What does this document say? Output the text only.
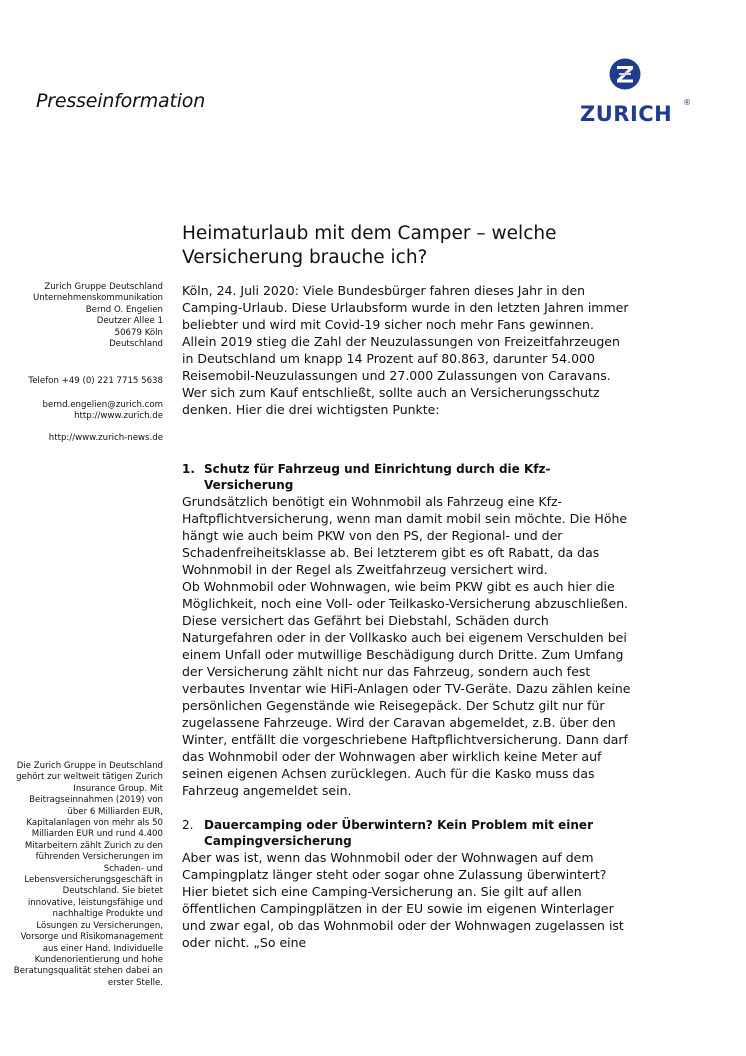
Presseinformation
ZURICH ®
Zurich Gruppe Deutschland
Unternehmenskommunikation
Bernd O. Engelien
Deutzer Allee 1
50679 Köln
Deutschland
Telefon +49 (0) 221 7715 5638
bernd.engelien@zurich.com
http://www.zurich.de
http://www.zurich-news.de
Die Zurich Gruppe in Deutschland gehört zur weltweit tätigen Zurich Insurance Group. Mit Beitragseinnahmen (2019) von über 6 Milliarden EUR, Kapitalanlagen von mehr als 50 Milliarden EUR und rund 4.400 Mitarbeitern zählt Zurich zu den führenden Versicherungen im Schaden- und Lebensversicherungsgeschäft in Deutschland. Sie bietet innovative, leistungsfähige und nachhaltige Produkte und Lösungen zu Versicherungen, Vorsorge und Risikomanagement aus einer Hand. Individuelle Kundenorientierung und hohe Beratungsqualität stehen dabei an erster Stelle.
Heimaturlaub mit dem Camper – welche Versicherung brauche ich?

Köln, 24. Juli 2020: Viele Bundesbürger fahren dieses Jahr in den Camping-Urlaub. Diese Urlaubsform wurde in den letzten Jahren immer beliebter und wird mit Covid-19 sicher noch mehr Fans gewinnen. Allein 2019 stieg die Zahl der Neuzulassungen von Freizeitfahrzeugen in Deutschland um knapp 14 Prozent auf 80.863, darunter 54.000 Reisemobil-Neuzulassungen und 27.000 Zulassungen von Caravans. Wer sich zum Kauf entschließt, sollte auch an Versicherungsschutz denken. Hier die drei wichtigsten Punkte:

1. Schutz für Fahrzeug und Einrichtung durch die Kfz-
Versicherung

Grundsätzlich benötigt ein Wohnmobil als Fahrzeug eine Kfz-Haftpflichtversicherung, wenn man damit mobil sein möchte. Die Höhe hängt wie auch beim PKW von den PS, der Regional- und der Schadenfreiheitsklasse ab. Bei letzterem gibt es oft Rabatt, da das Wohnmobil in der Regel als Zweitfahrzeug versichert wird.

Ob Wohnmobil oder Wohnwagen, wie beim PKW gibt es auch hier die Möglichkeit, noch eine Voll- oder Teilkasko-Versicherung abzuschließen. Diese versichert das Gefährt bei Diebstahl, Schäden durch Naturgefahren oder in der Vollkasko auch bei eigenem Verschulden bei einem Unfall oder mutwillige Beschädigung durch Dritte. Zum Umfang der Versicherung zählt nicht nur das Fahrzeug, sondern auch fest verbautes Inventar wie HiFi-Anlagen oder TV-Geräte. Dazu zählen keine persönlichen Gegenstände wie Reisegepäck. Der Schutz gilt nur für zugelassene Fahrzeuge. Wird der Caravan abgemeldet, z.B. über den Winter, entfällt die vorgeschriebene Haftpflichtversicherung. Dann darf das Wohnmobil oder der Wohnwagen aber wirklich keine Meter auf seinen eigenen Achsen zurücklegen. Auch für die Kasko muss das Fahrzeug angemeldet sein.

2. Dauercamping oder Überwintern? Kein Problem mit einer
Campingversicherung

Aber was ist, wenn das Wohnmobil oder der Wohnwagen auf dem Campingplatz länger steht oder sogar ohne Zulassung überwintert? Hier bietet sich eine Camping-Versicherung an. Sie gilt auf allen öffentlichen Campingplätzen in der EU sowie im eigenen Winterlager und zwar egal, ob das Wohnmobil oder der Wohnwagen zugelassen ist oder nicht. „So eine
